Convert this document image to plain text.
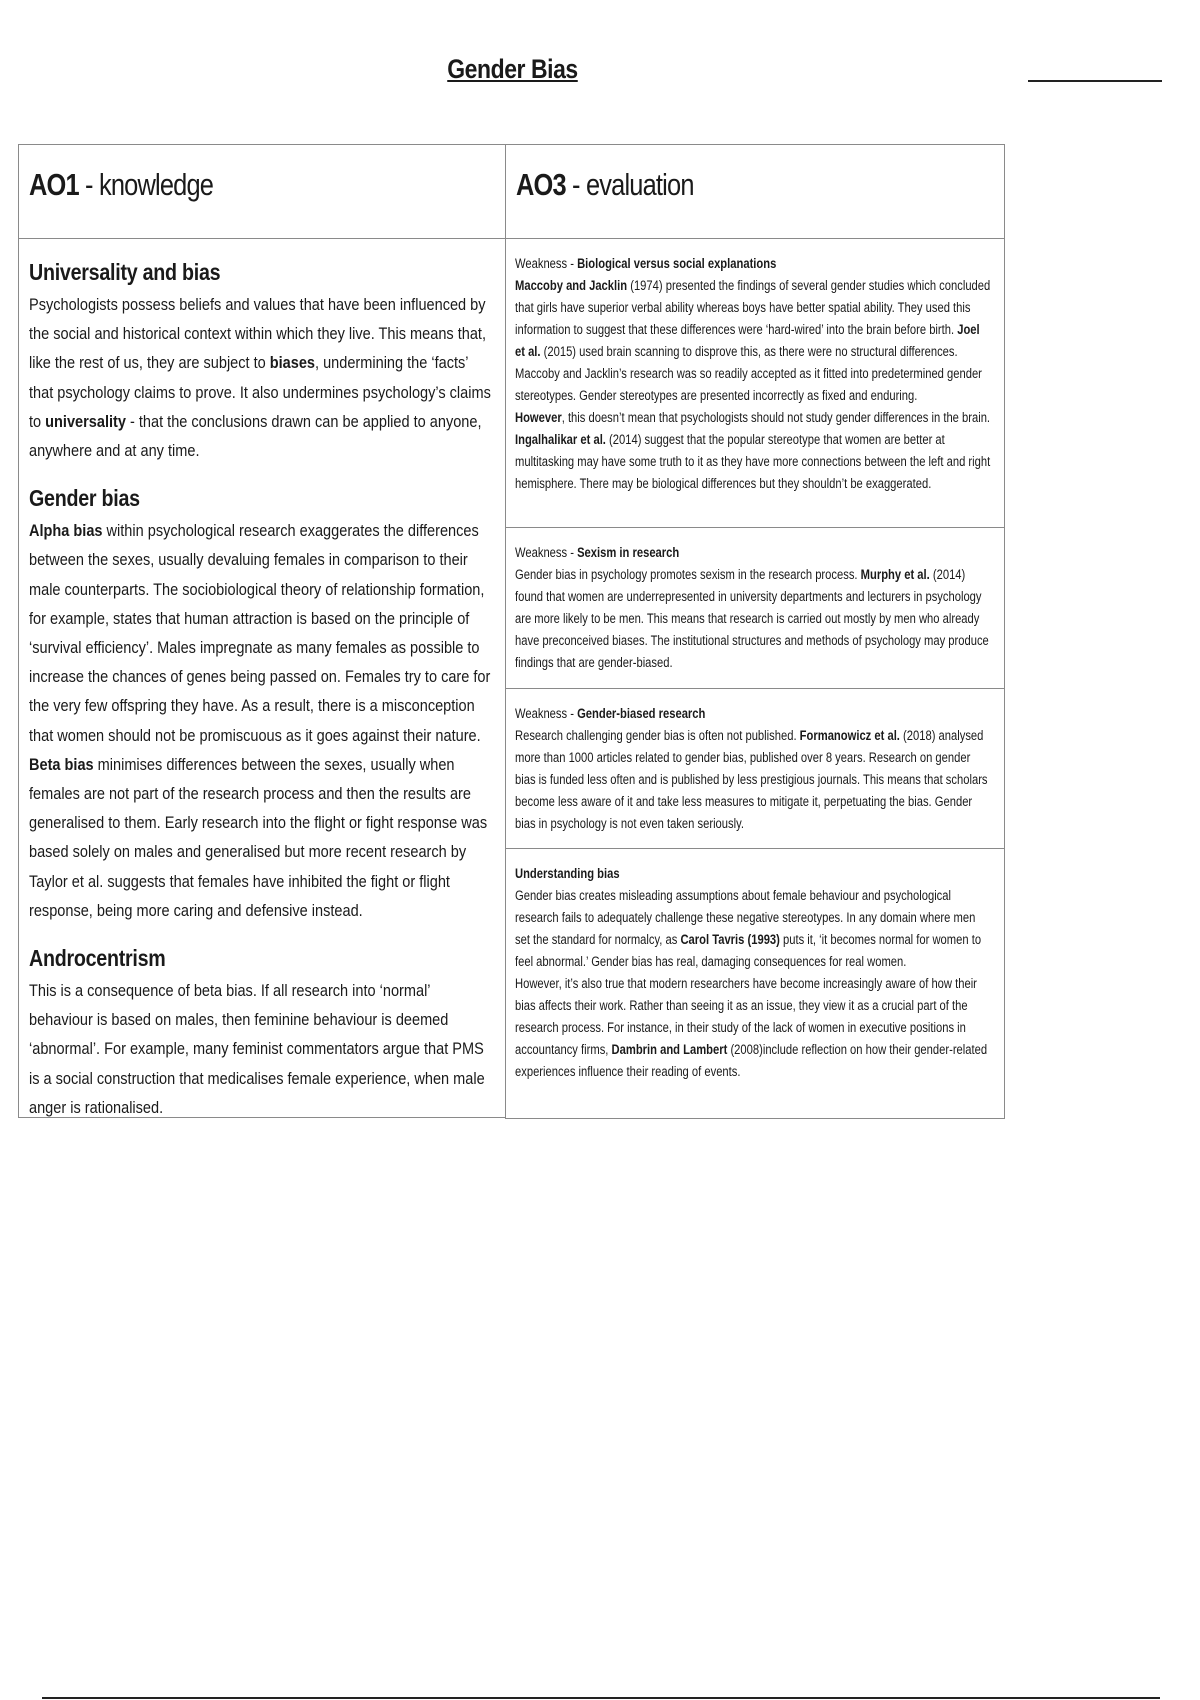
Gender Bias
AO1 - knowledge	AO3 - evaluation
Universality and bias

Psychologists possess beliefs and values that have been influenced by the social and historical context within which they live. This means that, like the rest of us, they are subject to biases, undermining the ‘facts’ that psychology claims to prove. It also undermines psychology’s claims to universality - that the conclusions drawn can be applied to anyone, anywhere and at any time.

Gender bias

Alpha bias within psychological research exaggerates the differences between the sexes, usually devaluing females in comparison to their male counterparts. The sociobiological theory of relationship formation, for example, states that human attraction is based on the principle of ‘survival efficiency’. Males impregnate as many females as possible to increase the chances of genes being passed on. Females try to care for the very few offspring they have. As a result, there is a misconception that women should not be promiscuous as it goes against their nature.

Beta bias minimises differences between the sexes, usually when females are not part of the research process and then the results are generalised to them. Early research into the flight or fight response was based solely on males and generalised but more recent research by Taylor et al. suggests that females have inhibited the fight or flight response, being more caring and defensive instead.

Androcentrism

This is a consequence of beta bias. If all research into ‘normal’ behaviour is based on males, then feminine behaviour is deemed ‘abnormal’. For example, many feminist commentators argue that PMS is a social construction that medicalises female experience, when male anger is rationalised.

Weakness - Biological versus social explanations

Maccoby and Jacklin (1974) presented the findings of several gender studies which concluded that girls have superior verbal ability whereas boys have better spatial ability. They used this information to suggest that these differences were ‘hard-wired’ into the brain before birth. Joel et al. (2015) used brain scanning to disprove this, as there were no structural differences. Maccoby and Jacklin’s research was so readily accepted as it fitted into predetermined gender stereotypes. Gender stereotypes are presented incorrectly as fixed and enduring.

However, this doesn’t mean that psychologists should not study gender differences in the brain. Ingalhalikar et al. (2014) suggest that the popular stereotype that women are better at multitasking may have some truth to it as they have more connections between the left and right hemisphere. There may be biological differences but they shouldn’t be exaggerated.

Weakness - Sexism in research

Gender bias in psychology promotes sexism in the research process. Murphy et al. (2014) found that women are underrepresented in university departments and lecturers in psychology are more likely to be men. This means that research is carried out mostly by men who already have preconceived biases. The institutional structures and methods of psychology may produce findings that are gender-biased.

Weakness - Gender-biased research

Research challenging gender bias is often not published. Formanowicz et al. (2018) analysed more than 1000 articles related to gender bias, published over 8 years. Research on gender bias is funded less often and is published by less prestigious journals. This means that scholars become less aware of it and take less measures to mitigate it, perpetuating the bias. Gender bias in psychology is not even taken seriously.

Understanding bias

Gender bias creates misleading assumptions about female behaviour and psychological research fails to adequately challenge these negative stereotypes. In any domain where men set the standard for normalcy, as Carol Tavris (1993) puts it, ‘it becomes normal for women to feel abnormal.’ Gender bias has real, damaging consequences for real women.

However, it’s also true that modern researchers have become increasingly aware of how their bias affects their work. Rather than seeing it as an issue, they view it as a crucial part of the research process. For instance, in their study of the lack of women in executive positions in accountancy firms, Dambrin and Lambert (2008)include reflection on how their gender-related experiences influence their reading of events.
